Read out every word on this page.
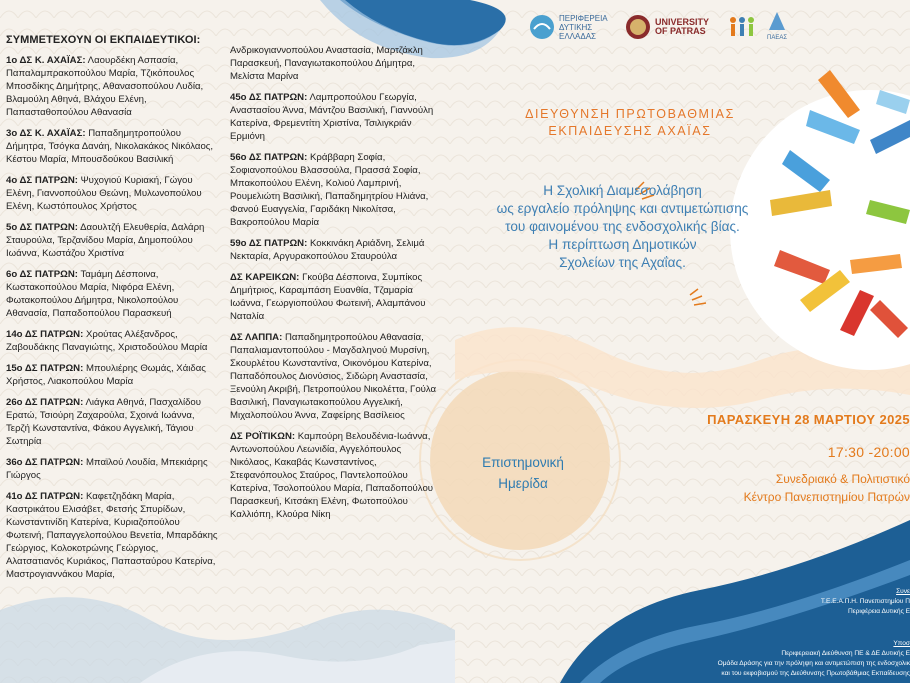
ΣΥΜΜΕΤΕΧΟΥΝ ΟΙ ΕΚΠΑΙΔΕΥΤΙΚΟΙ:
1ο ΔΣ Κ. ΑΧΑΪΑΣ: Λαουρδέκη Ασπασία, Παπαλαμπρακοπούλου Μαρία, Τζικόπουλος Μποσδίκης Δημήτρης, Αθανασοπούλου Λυδία, Βλαμούλη Αθηνά, Βλάχου Ελένη, Παπασταθοπούλου Αθανασία
3ο ΔΣ Κ. ΑΧΑΪΑΣ: Παπαδημητροπούλου Δήμητρα, Τσόγκα Δανάη, Νικολακάκος Νικόλαος, Κέστου Μαρία, Μπουσδούκου Βασιλική
4ο ΔΣ ΠΑΤΡΩΝ: Ψυχογιού Κυριακή, Γώγου Ελένη, Γιαννοπούλου Θεώνη, Μυλωνοπούλου Ελένη, Κωστόπουλος Χρήστος
5ο ΔΣ ΠΑΤΡΩΝ: Δαουλτζή Ελευθερία, Δαλάρη Σταυρούλα, Τερζανίδου Μαρία, Δημοπούλου Ιωάννα, Κωστάζου Χριστίνα
6ο ΔΣ ΠΑΤΡΩΝ: Ταμάμη Δέσποινα, Κωστακοπούλου Μαρία, Νιφόρα Ελένη, Φωτακοπούλου Δήμητρα, Νικολοπούλου Αθανασία, Παπαδοπούλου Παρασκευή
14ο ΔΣ ΠΑΤΡΩΝ: Χρούτας Αλέξανδρος, Ζαβουδάκης Παναγιώτης, Χριστοδούλου Μαρία
15ο ΔΣ ΠΑΤΡΩΝ: Μπουλιέρης Θωμάς, Χάιδας Χρήστος, Λιακοπούλου Μαρία
26ο ΔΣ ΠΑΤΡΩΝ: Λιάγκα Αθηνά, Πασχαλίδου Ερατώ, Τσιούρη Ζαχαρούλα, Σχοινά Ιωάννα, Τερζή Κωνσταντίνα, Φάκου Αγγελική, Τάγιου Σωτηρία
36ο ΔΣ ΠΑΤΡΩΝ: Μπαϊλού Λουδία, Μπεκιάρης Γιώργος
41ο ΔΣ ΠΑΤΡΩΝ: Καφετζηδάκη Μαρία, Καστρικάτου Ελισάβετ, Φετσής Σπυρίδων, Κωνσταντινίδη Κατερίνα, Κυριαζοπούλου Φωτεινή, Παπαγγελοπούλου Βενετία, Μπαρδάκης Γεώργιος, Κολοκοτρώνης Γεώργιος, Αλατσατιανός Κυριάκος, Παπασταύρου Κατερίνα, Μαστρογιαννάκου Μαρία,
Ανδρικογιαννοπούλου Αναστασία, Μαρτζάκλη Παρασκευή, Παναγιωτακοπούλου Δήμητρα, Μελίστα Μαρίνα
45ο ΔΣ ΠΑΤΡΩΝ: Λαμπροπούλου Γεωργία, Αναστασίου Άννα, Μάντζου Βασιλική, Γιαννούλη Κατερίνα, Φρεμεντίτη Χριστίνα, Τσιλιγκριάν Ερμιόνη
56ο ΔΣ ΠΑΤΡΩΝ: Κράββαρη Σοφία, Σοφιανοπούλου Βλασσούλα, Πρασσά Σοφία, Μπακοπούλου Ελένη, Κολιού Λαμπρινή, Ρουμελιώτη Βασιλική, Παπαδημητρίου Ηλιάνα, Φανού Ευαγγελία, Γαριδάκη Νικολίτσα, Βακροπούλου Μαρία
59ο ΔΣ ΠΑΤΡΩΝ: Κοκκινάκη Αριάδνη, Σελιμά Νεκταρία, Αργυρακοπούλου Σταυρούλα
ΔΣ ΚΑΡΕΙΚΩΝ: Γκούβα Δέσποινα, Συμπίκος Δημήτριος, Καραμπάση Ευανθία, Τζαμαρία Ιωάννα, Γεωργιοπούλου Φωτεινή, Αλαμπάνου Ναταλία
ΔΣ ΛΑΠΠΑ: Παπαδημητροπούλου Αθανασία, Παπαλιαμαντοπούλου - Μαγδαληνού Μυρσίνη, Σκουρλέτου Κωνσταντίνα, Οικονόμου Κατερίνα, Παπαδόπουλος Διονύσιος, Σιδώρη Αναστασία, Ξενούλη Ακριβή, Πετροπούλου Νικολέττα, Γούλα Βασιλική, Παναγιωτακοπούλου Αγγελική, Μιχαλοπούλου Άννα, Ζαφείρης Βασίλειος
ΔΣ ΡΟΪΤΙΚΩΝ: Καμπούρη Βελουδένια-Ιωάννα, Αντωνοπούλου Λεωνιδία, Αγγελόπουλος Νικόλαος, Κακαβάς Κωνσταντίνος, Στεφανόπουλος Σταύρος, Παντελοπούλου Κατερίνα, Τσολοπούλου Μαρία, Παπαδοπούλου Παρασκευή, Κιτσάκη Ελένη, Φωτοπούλου Καλλιόπη, Κλούρα Νίκη
ΠΕΡΙΦΕΡΕΙΑ ΔΥΤΙΚΗΣ ΕΛΛΑΔΑΣ
UNIVERSITY OF PATRAS
ΠΑΕΑΣ
ΔΙΕΥΘΥΝΣΗ ΠΡΩΤΟΒΑΘΜΙΑΣ
ΕΚΠΑΙΔΕΥΣΗΣ ΑΧΑΪΑΣ
Η Σχολική Διαμεσολάβηση
ως εργαλείο πρόληψης και αντιμετώπισης
του φαινομένου της ενδοσχολικής βίας.
Η περίπτωση Δημοτικών
Σχολείων της Αχαΐας.
Επιστημονική
Ημερίδα
ΠΑΡΑΣΚΕΥΗ 28 ΜΑΡΤΙΟΥ 2025
17:30 -20:00
Συνεδριακό & Πολιτιστικό
Κέντρο Πανεπιστημίου Πατρών
Συνε
Τ.Ε.Ε.Α.Π.Η. Πανεπιστημίου Π
Περιφέρεια Δυτικής Ε
Υποσ
Περιφερειακή Διεύθυνση ΠΕ & ΔΕ Δυτικής Ε
Ομάδα Δράσης για την πρόληψη και αντιμετώπιση της ενδοσχολικ
και του εκφοβισμού της Διεύθυνσης Πρωτοβάθμιας Εκπαίδευσης
